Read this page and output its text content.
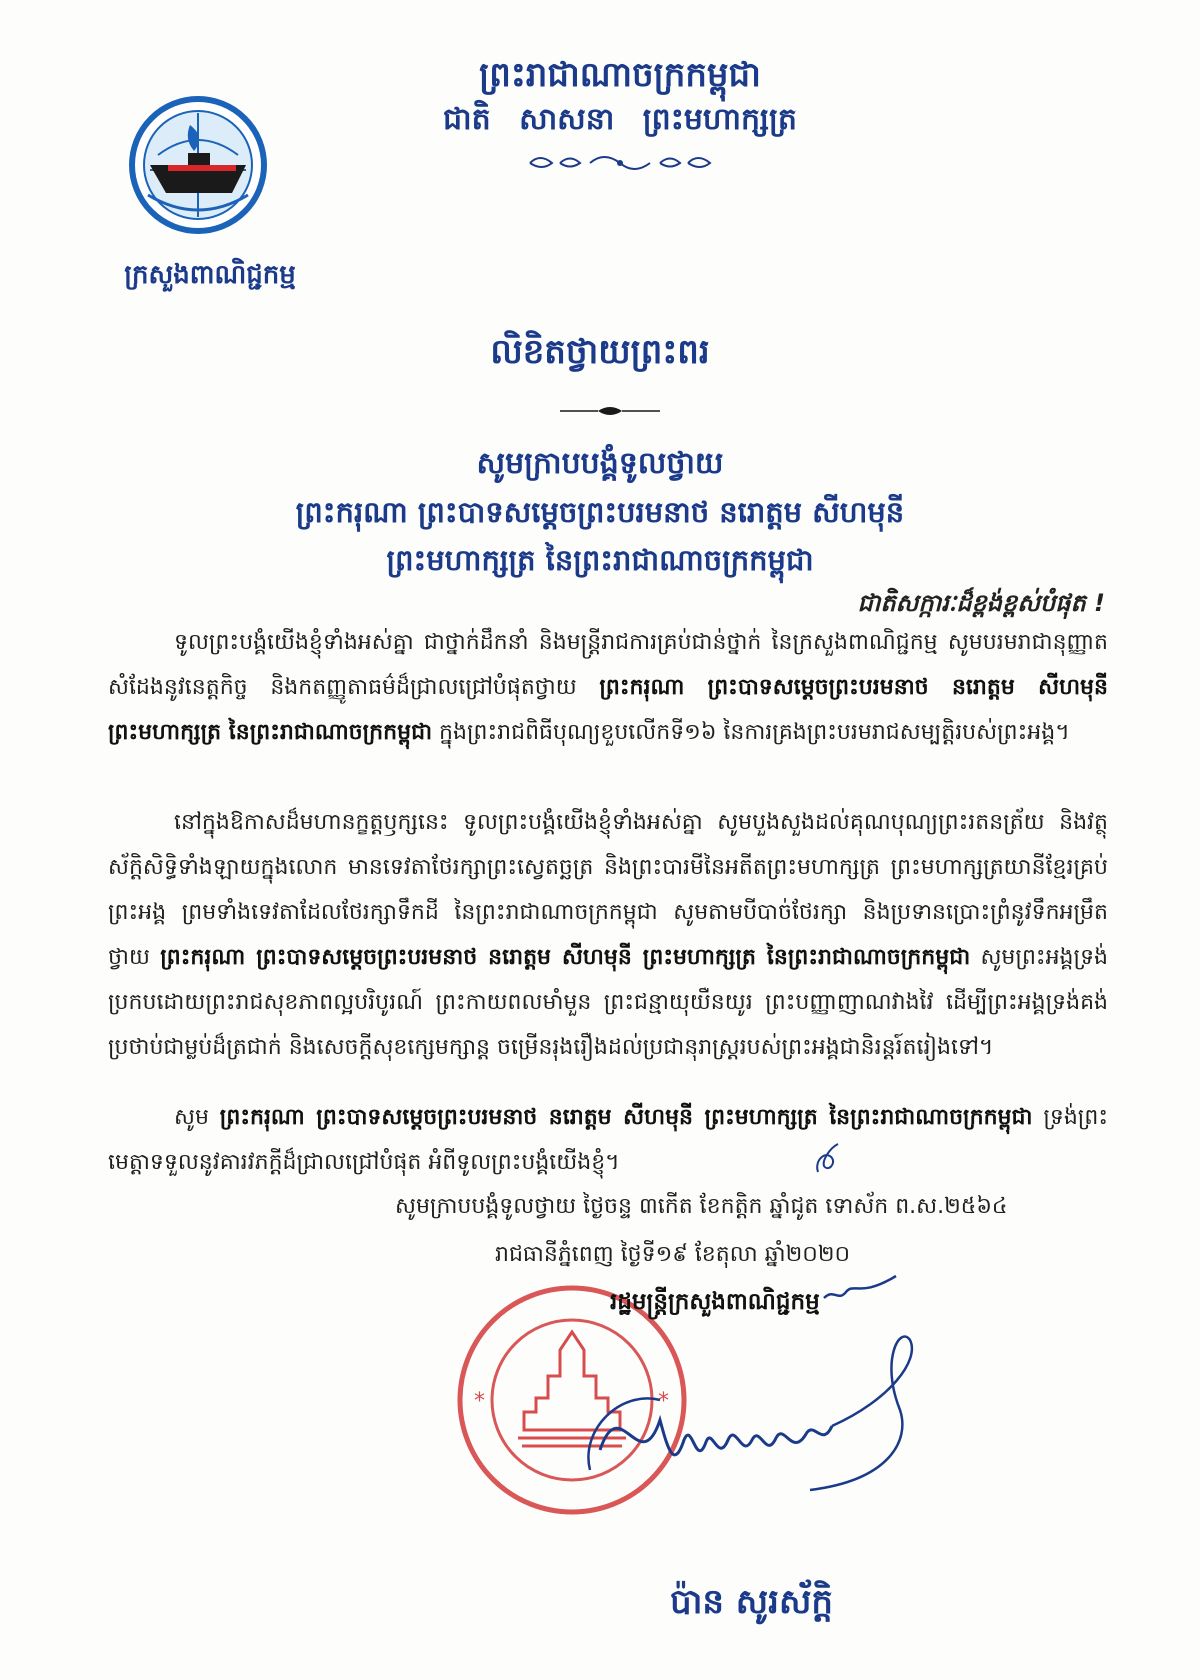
ក្រសួងពាណិជ្ជកម្ម
ព្រះរាជាណាចក្រកម្ពុជា
ជាតិ សាសនា ព្រះមហាក្សត្រ
លិខិតថ្វាយព្រះពរ
សូមក្រាបបង្គំទូលថ្វាយ
ព្រះករុណា ព្រះបាទសម្តេចព្រះបរមនាថ នរោត្តម សីហមុនី
ព្រះមហាក្សត្រ នៃព្រះរាជាណាចក្រកម្ពុជា
ជាតិសក្ការៈដ៏ខ្ពង់ខ្ពស់បំផុត !
ទូលព្រះបង្គំយើងខ្ញុំទាំងអស់គ្នា ជាថ្នាក់ដឹកនាំ និងមន្ត្រីរាជការគ្រប់ជាន់ថ្នាក់ នៃក្រសួងពាណិជ្ជកម្ម សូមបរមរាជានុញ្ញាត សំដែងនូវនេត្តកិច្ច និងកតញ្ញូតាធម៌ដ៏ជ្រាលជ្រៅបំផុតថ្វាយ ព្រះករុណា ព្រះបាទសម្តេចព្រះបរមនាថ នរោត្តម សីហមុនី ព្រះមហាក្សត្រ នៃព្រះរាជាណាចក្រកម្ពុជា ក្នុងព្រះរាជពិធីបុណ្យខួបលើកទី១៦ នៃការគ្រងព្រះបរមរាជសម្បត្តិរបស់ព្រះអង្គ។
នៅក្នុងឱកាសដ៏មហានក្ខត្តឫក្សនេះ ទូលព្រះបង្គំយើងខ្ញុំទាំងអស់គ្នា សូមបួងសួងដល់គុណបុណ្យព្រះរតនត្រ័យ និងវត្ថុស័ក្តិសិទ្ធិទាំងឡាយក្នុងលោក មានទេវតាថែរក្សាព្រះស្វេតច្ឆត្រ និងព្រះបារមីនៃអតីតព្រះមហាក្សត្រ ព្រះមហាក្សត្រយានីខ្មែរគ្រប់ព្រះអង្គ ព្រមទាំងទេវតាដែលថែរក្សាទឹកដី នៃព្រះរាជាណាចក្រកម្ពុជា សូមតាមបីបាច់ថែរក្សា និងប្រទានប្រោះព្រំនូវទឹកអម្រឹតថ្វាយ ព្រះករុណា ព្រះបាទសម្តេចព្រះបរមនាថ នរោត្តម សីហមុនី ព្រះមហាក្សត្រ នៃព្រះរាជាណាចក្រកម្ពុជា សូមព្រះអង្គទ្រង់ប្រកបដោយព្រះរាជសុខភាពល្អបរិបូរណ៍ ព្រះកាយពលមាំមួន ព្រះជន្មាយុយឺនយូរ ព្រះបញ្ញាញាណវាងវៃ ដើម្បីព្រះអង្គទ្រង់គង់ប្រថាប់ជាម្លប់ដ៏ត្រជាក់ និងសេចក្តីសុខក្សេមក្សាន្ត ចម្រើនរុងរឿងដល់ប្រជានុរាស្ត្ររបស់ព្រះអង្គជានិរន្តរ៍តរៀងទៅ។
សូម ព្រះករុណា ព្រះបាទសម្តេចព្រះបរមនាថ នរោត្តម សីហមុនី ព្រះមហាក្សត្រ នៃព្រះរាជាណាចក្រកម្ពុជា ទ្រង់ព្រះមេត្តាទទួលនូវគារវភក្តីដ៏ជ្រាលជ្រៅបំផុត អំពីទូលព្រះបង្គំយើងខ្ញុំ។
សូមក្រាបបង្គំទូលថ្វាយ ថ្ងៃចន្ទ ៣កើត ខែកត្តិក ឆ្នាំជូត ទោស័ក ព.ស.២៥៦៤
រាជធានីភ្នំពេញ ថ្ងៃទី១៩ ខែតុលា ឆ្នាំ២០២០
*	*
រដ្ឋមន្ត្រីក្រសួងពាណិជ្ជកម្ម
ប៉ាន សូរស័ក្តិ
